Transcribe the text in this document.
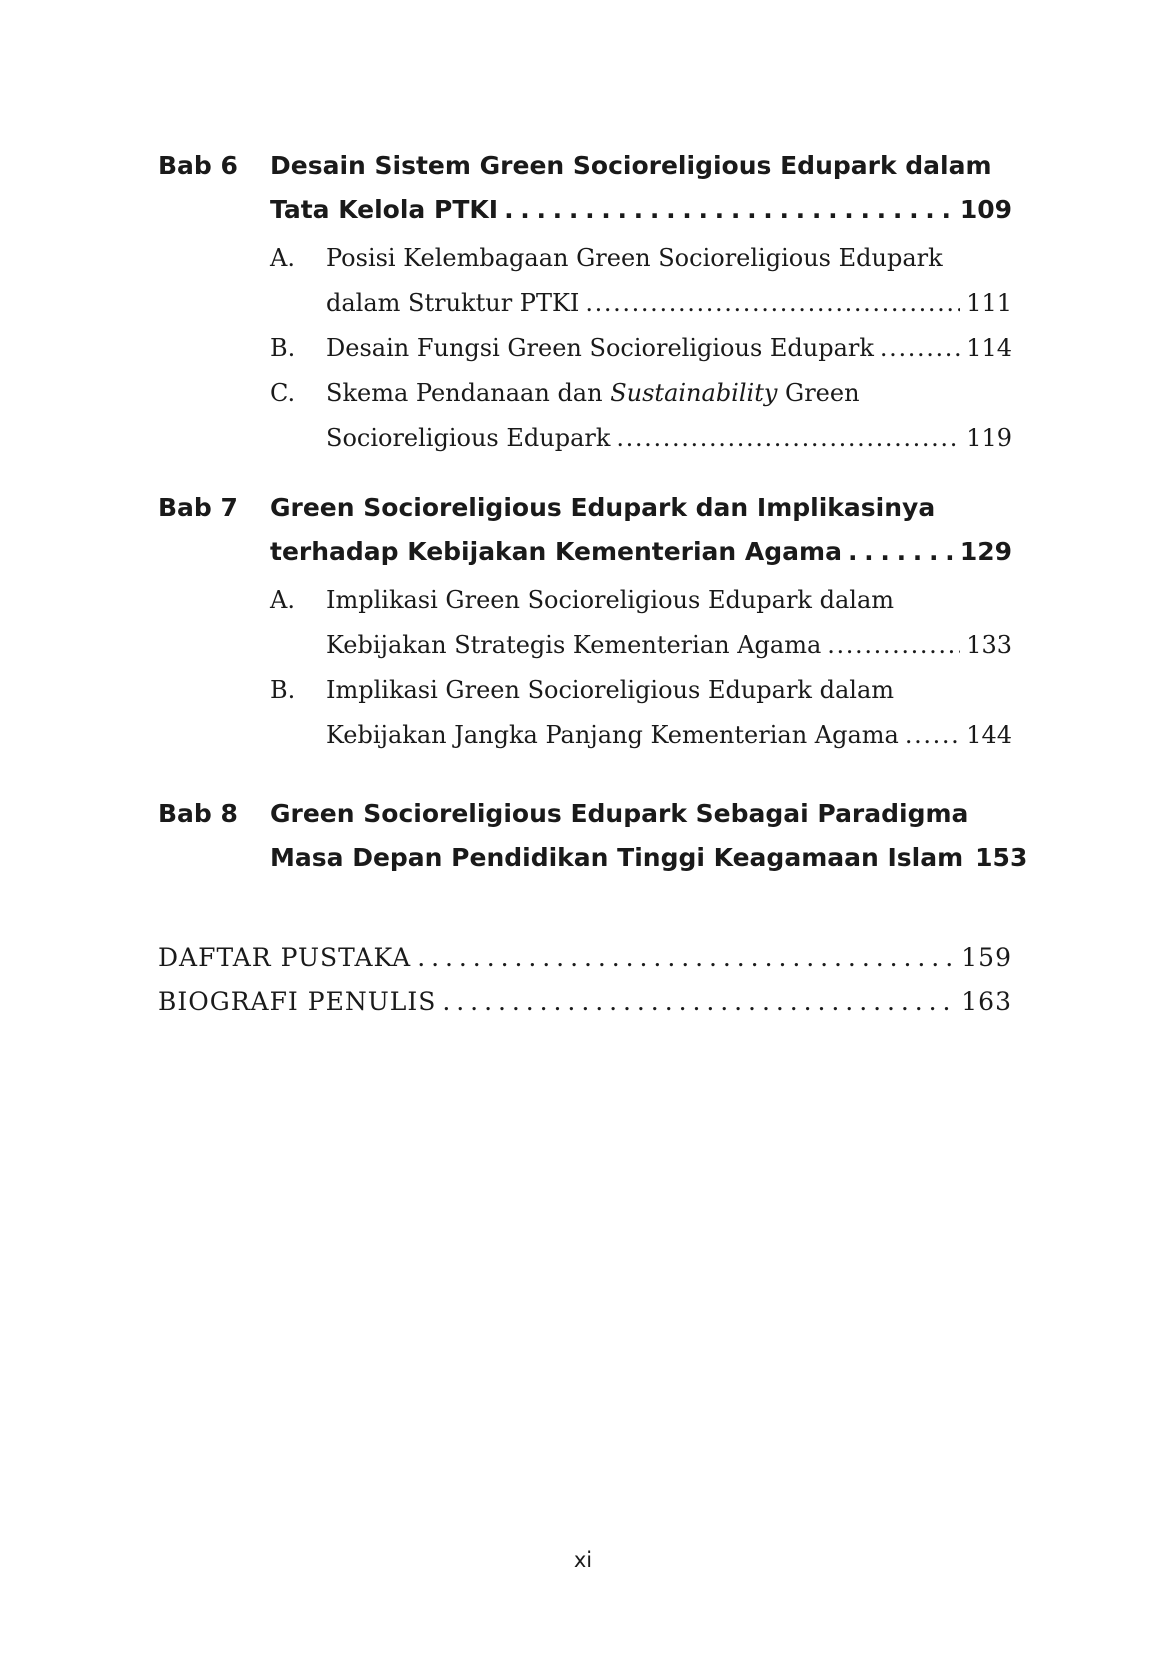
Bab 6 Desain Sistem Green Socioreligious Edupark dalam
Tata Kelola PTKI . . .	109
A. Posisi Kelembagaan Green Socioreligious Edupark
dalam Struktur PTKI . . .	111
B. Desain Fungsi Green Socioreligious Edupark . . .	114
C. Skema Pendanaan dan Sustainability Green
Socioreligious Edupark . . .	119
Bab 7 Green Socioreligious Edupark dan Implikasinya
terhadap Kebijakan Kementerian Agama . . .	129
A. Implikasi Green Socioreligious Edupark dalam
Kebijakan Strategis Kementerian Agama . . .	133
B. Implikasi Green Socioreligious Edupark dalam
Kebijakan Jangka Panjang Kementerian Agama . . .	144
Bab 8 Green Socioreligious Edupark Sebagai Paradigma
Masa Depan Pendidikan Tinggi Keagamaan Islam 153
DAFTAR PUSTAKA . . .	159
BIOGRAFI PENULIS . . .	163
xi
